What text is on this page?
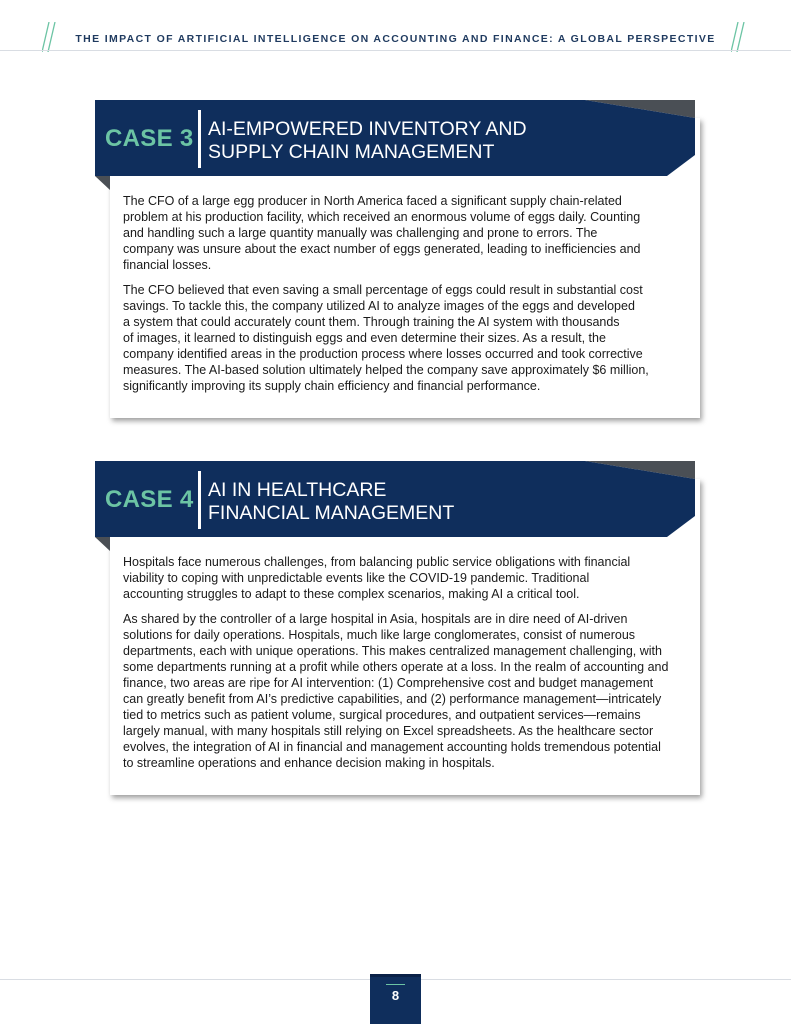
THE IMPACT OF ARTIFICIAL INTELLIGENCE ON ACCOUNTING AND FINANCE: A GLOBAL PERSPECTIVE
CASE 3 AI-EMPOWERED INVENTORY AND
SUPPLY CHAIN MANAGEMENT

The CFO of a large egg producer in North America faced a significant supply chain-related
problem at his production facility, which received an enormous volume of eggs daily. Counting
and handling such a large quantity manually was challenging and prone to errors. The
company was unsure about the exact number of eggs generated, leading to inefficiencies and
financial losses.

The CFO believed that even saving a small percentage of eggs could result in substantial cost
savings. To tackle this, the company utilized AI to analyze images of the eggs and developed
a system that could accurately count them. Through training the AI system with thousands
of images, it learned to distinguish eggs and even determine their sizes. As a result, the
company identified areas in the production process where losses occurred and took corrective
measures. The AI-based solution ultimately helped the company save approximately $6 million,
significantly improving its supply chain efficiency and financial performance.

CASE 4 AI IN HEALTHCARE
FINANCIAL MANAGEMENT

Hospitals face numerous challenges, from balancing public service obligations with financial
viability to coping with unpredictable events like the COVID-19 pandemic. Traditional
accounting struggles to adapt to these complex scenarios, making AI a critical tool.

As shared by the controller of a large hospital in Asia, hospitals are in dire need of AI-driven
solutions for daily operations. Hospitals, much like large conglomerates, consist of numerous
departments, each with unique operations. This makes centralized management challenging, with
some departments running at a profit while others operate at a loss. In the realm of accounting and
finance, two areas are ripe for AI intervention: (1) Comprehensive cost and budget management
can greatly benefit from AI’s predictive capabilities, and (2) performance management—intricately
tied to metrics such as patient volume, surgical procedures, and outpatient services—remains
largely manual, with many hospitals still relying on Excel spreadsheets. As the healthcare sector
evolves, the integration of AI in financial and management accounting holds tremendous potential
to streamline operations and enhance decision making in hospitals.

8
